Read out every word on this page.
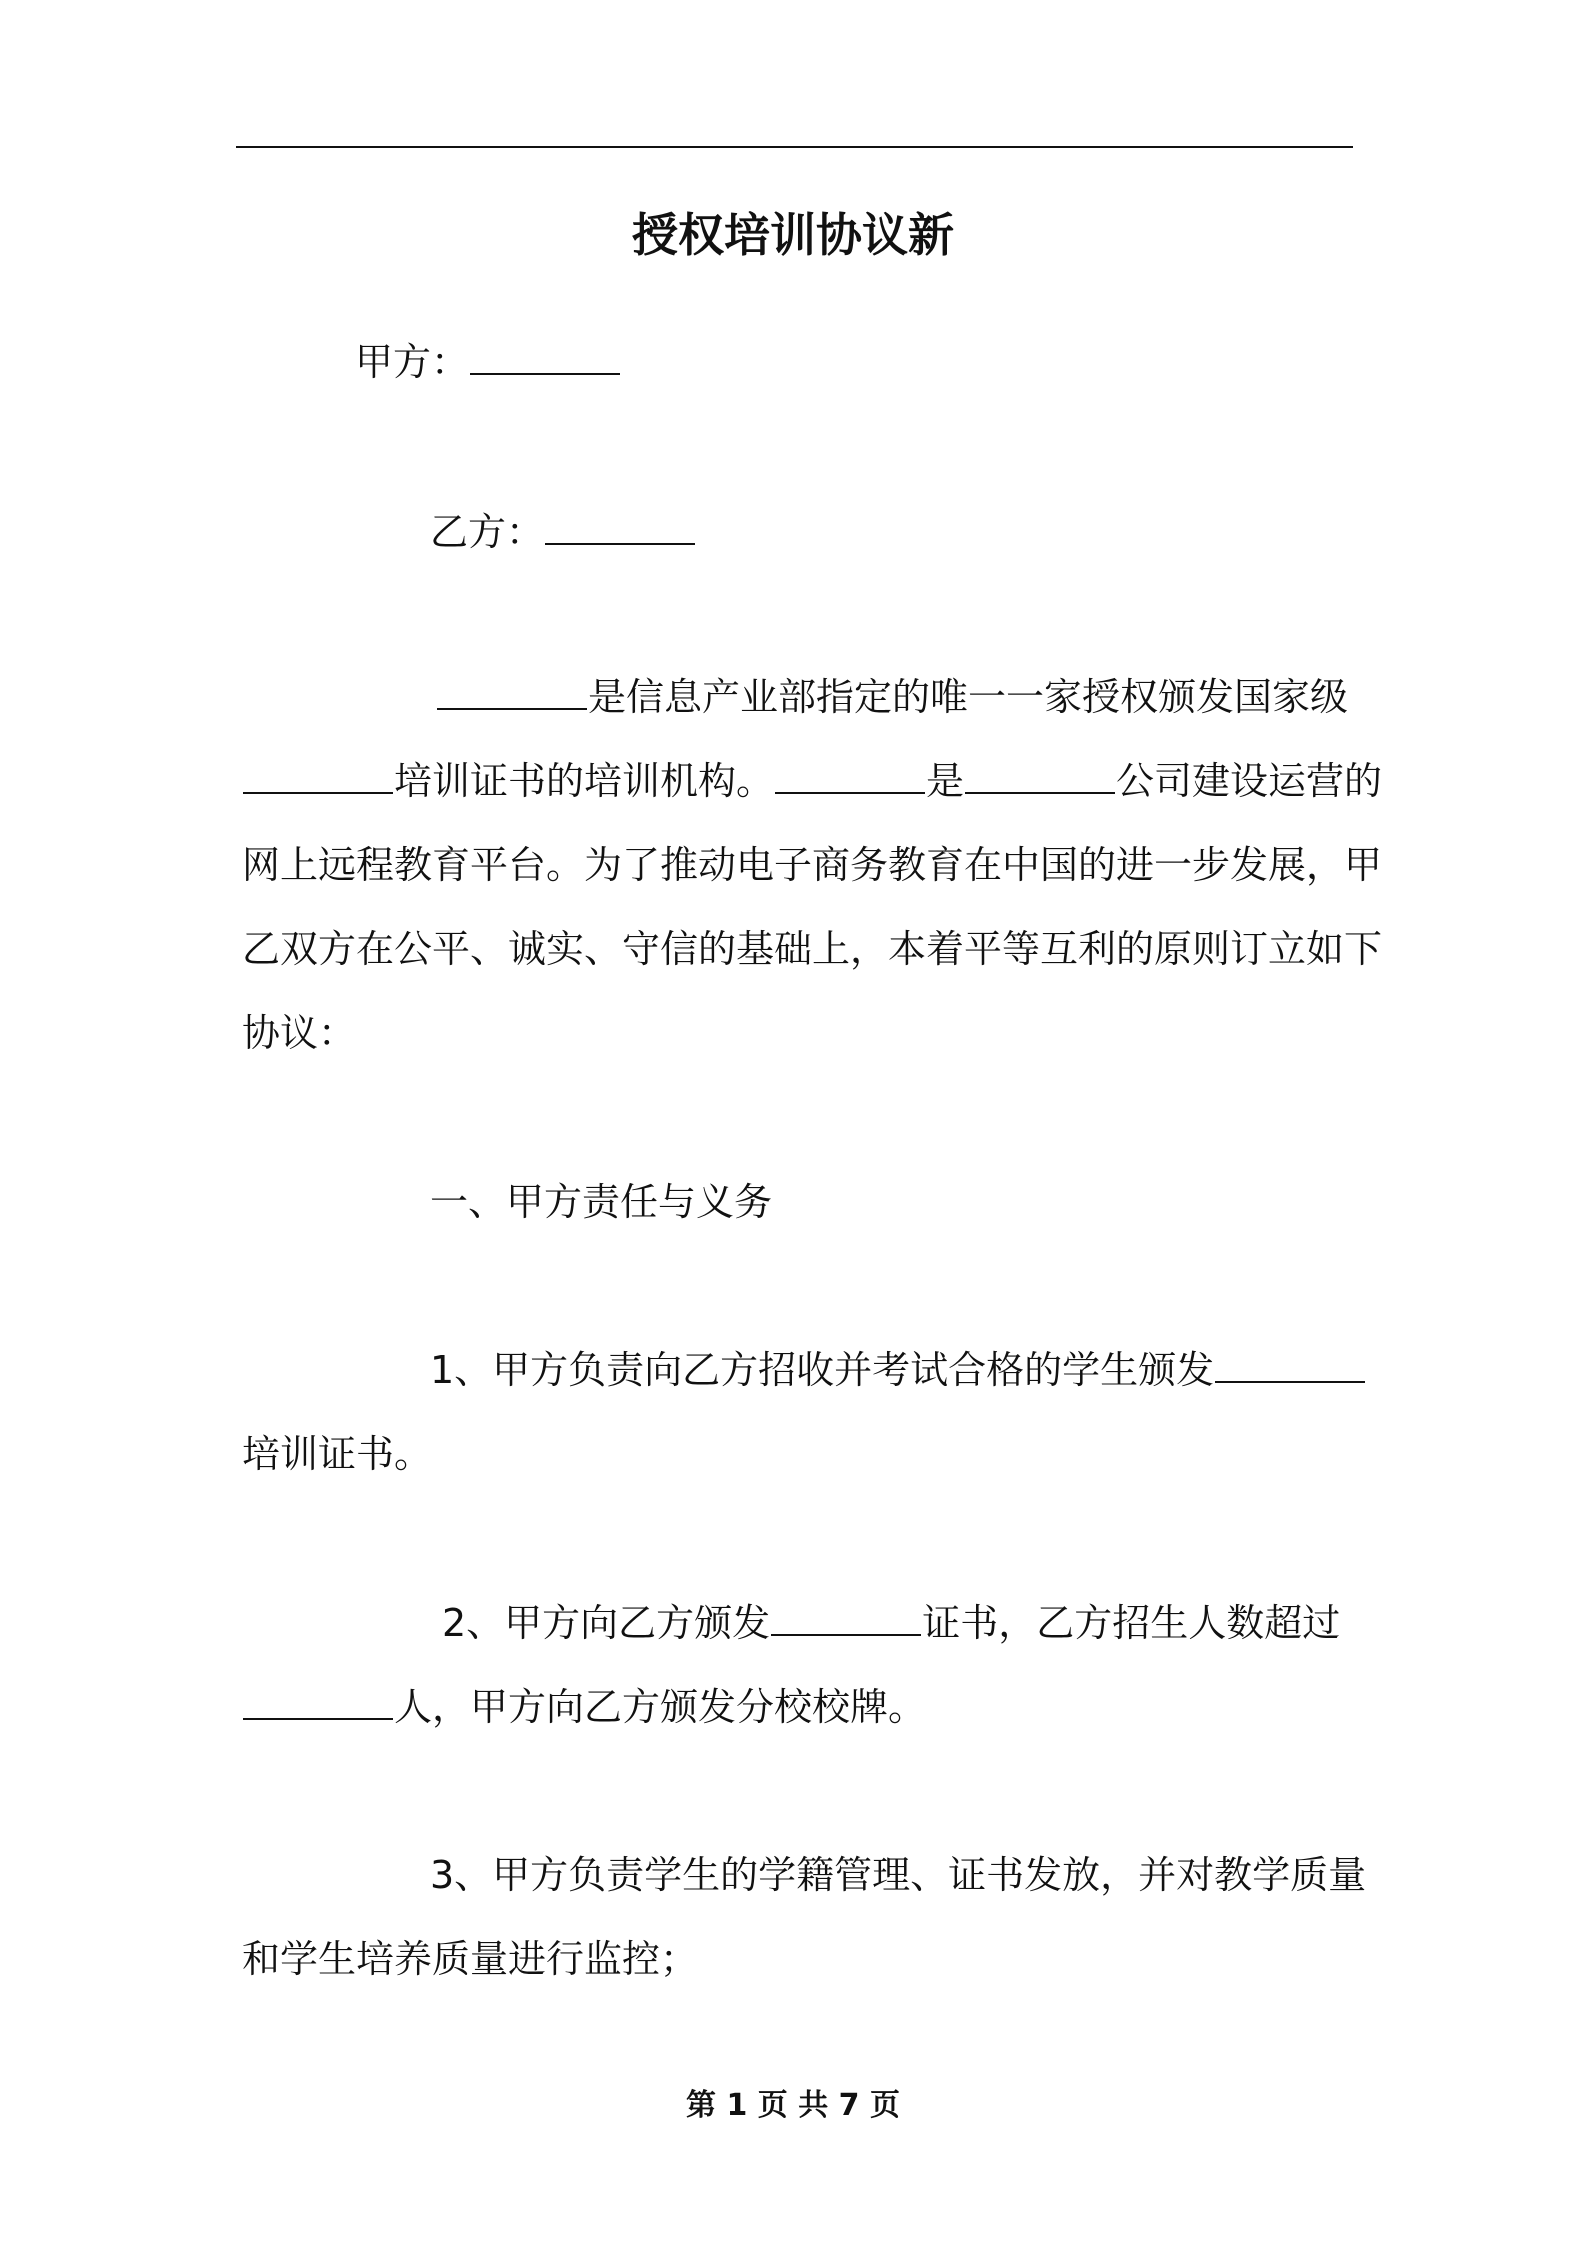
授权培训协议新
甲方：
乙方：
是信息产业部指定的唯一一家授权颁发国家级
培训证书的培训机构。	是	公司建设运营的
网上远程教育平台。为了推动电子商务教育在中国的进一步发展，甲
乙双方在公平、诚实、守信的基础上，本着平等互利的原则订立如下
协议：
一、甲方责任与义务
1、甲方负责向乙方招收并考试合格的学生颁发
培训证书。
2、甲方向乙方颁发	证书，乙方招生人数超过
人，甲方向乙方颁发分校校牌。
3、甲方负责学生的学籍管理、证书发放，并对教学质量
和学生培养质量进行监控；
第 1 页 共 7 页
